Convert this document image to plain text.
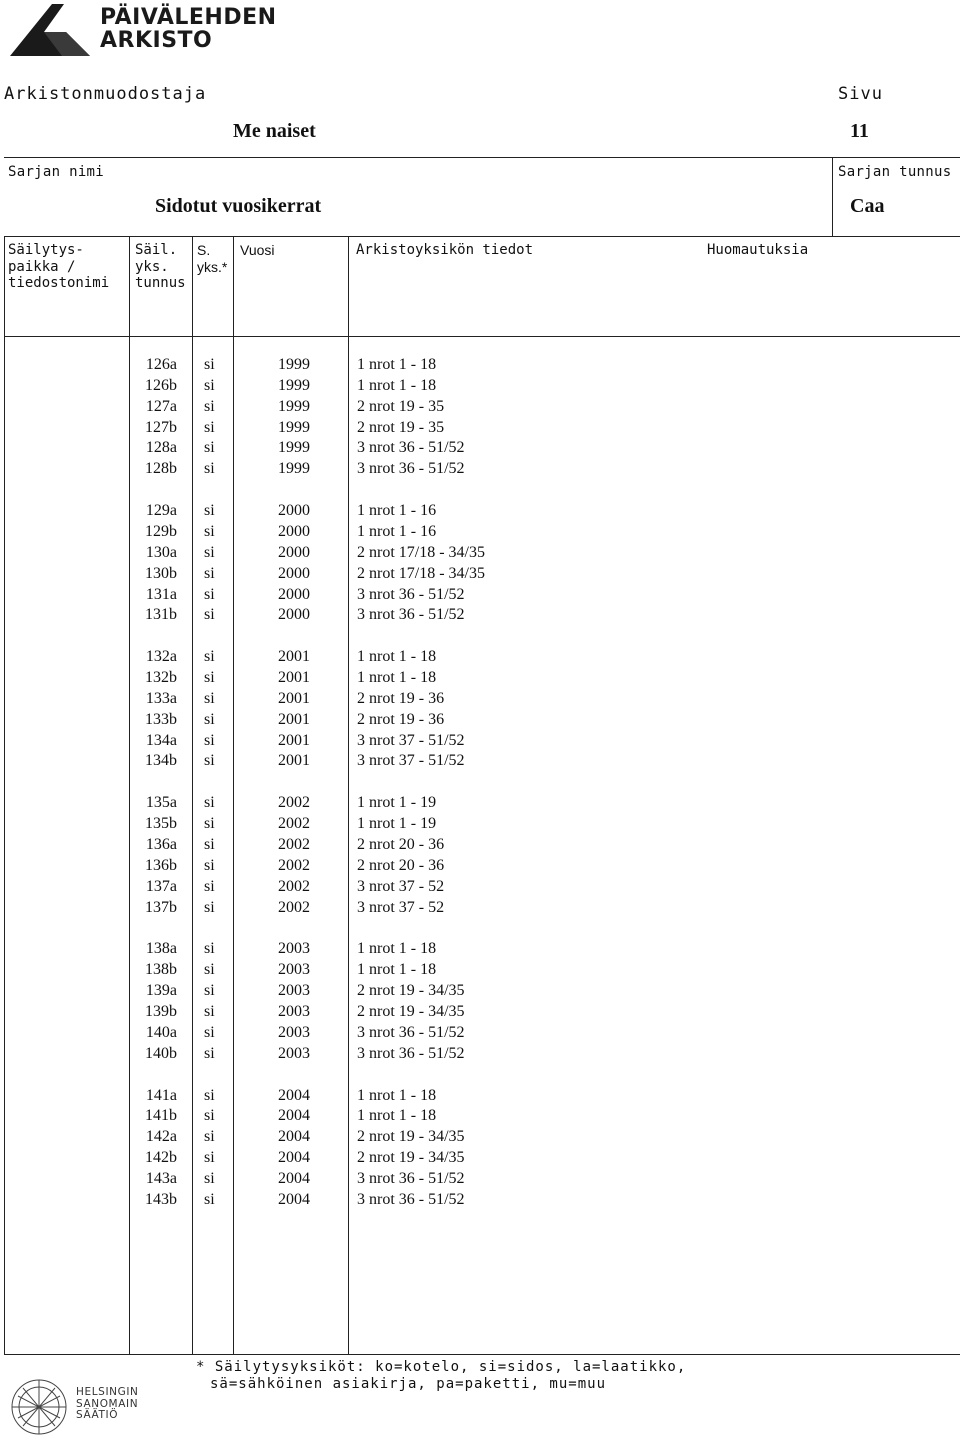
PÄIVÄLEHDEN
ARKISTO
Arkistonmuodostaja	Sivu
Me naiset	11
Sarjan nimi	Sarjan tunnus
Sidotut vuosikerrat	Caa
Säilytys-
paikka /
tiedostonimi
Säil.
yks.
tunnus
S.
yks.*
Vuosi	Arkistoyksikön tiedot	Huomautuksia
126a si	1999	1 nrot 1 - 18
126b si	1999	1 nrot 1 - 18
127a si	1999	2 nrot 19 - 35
127b si	1999	2 nrot 19 - 35
128a si	1999	3 nrot 36 - 51/52
128b si	1999	3 nrot 36 - 51/52
129a si	2000	1 nrot 1 - 16
129b si	2000	1 nrot 1 - 16
130a si	2000	2 nrot 17/18 - 34/35
130b si	2000	2 nrot 17/18 - 34/35
131a si	2000	3 nrot 36 - 51/52
131b si	2000	3 nrot 36 - 51/52
132a si	2001	1 nrot 1 - 18
132b si	2001	1 nrot 1 - 18
133a si	2001	2 nrot 19 - 36
133b si	2001	2 nrot 19 - 36
134a si	2001	3 nrot 37 - 51/52
134b si	2001	3 nrot 37 - 51/52
135a si	2002	1 nrot 1 - 19
135b si	2002	1 nrot 1 - 19
136a si	2002	2 nrot 20 - 36
136b si	2002	2 nrot 20 - 36
137a si	2002	3 nrot 37 - 52
137b si	2002	3 nrot 37 - 52
138a si	2003	1 nrot 1 - 18
138b si	2003	1 nrot 1 - 18
139a si	2003	2 nrot 19 - 34/35
139b si	2003	2 nrot 19 - 34/35
140a si	2003	3 nrot 36 - 51/52
140b si	2003	3 nrot 36 - 51/52
141a si	2004	1 nrot 1 - 18
141b si	2004	1 nrot 1 - 18
142a si	2004	2 nrot 19 - 34/35
142b si	2004	2 nrot 19 - 34/35
143a si	2004	3 nrot 36 - 51/52
143b si	2004	3 nrot 36 - 51/52
* Säilytysyksiköt: ko=kotelo, si=sidos, la=laatikko,
sä=sähköinen asiakirja, pa=paketti, mu=muu
HELSINGIN
SANOMAIN
SÄÄTIÖ
